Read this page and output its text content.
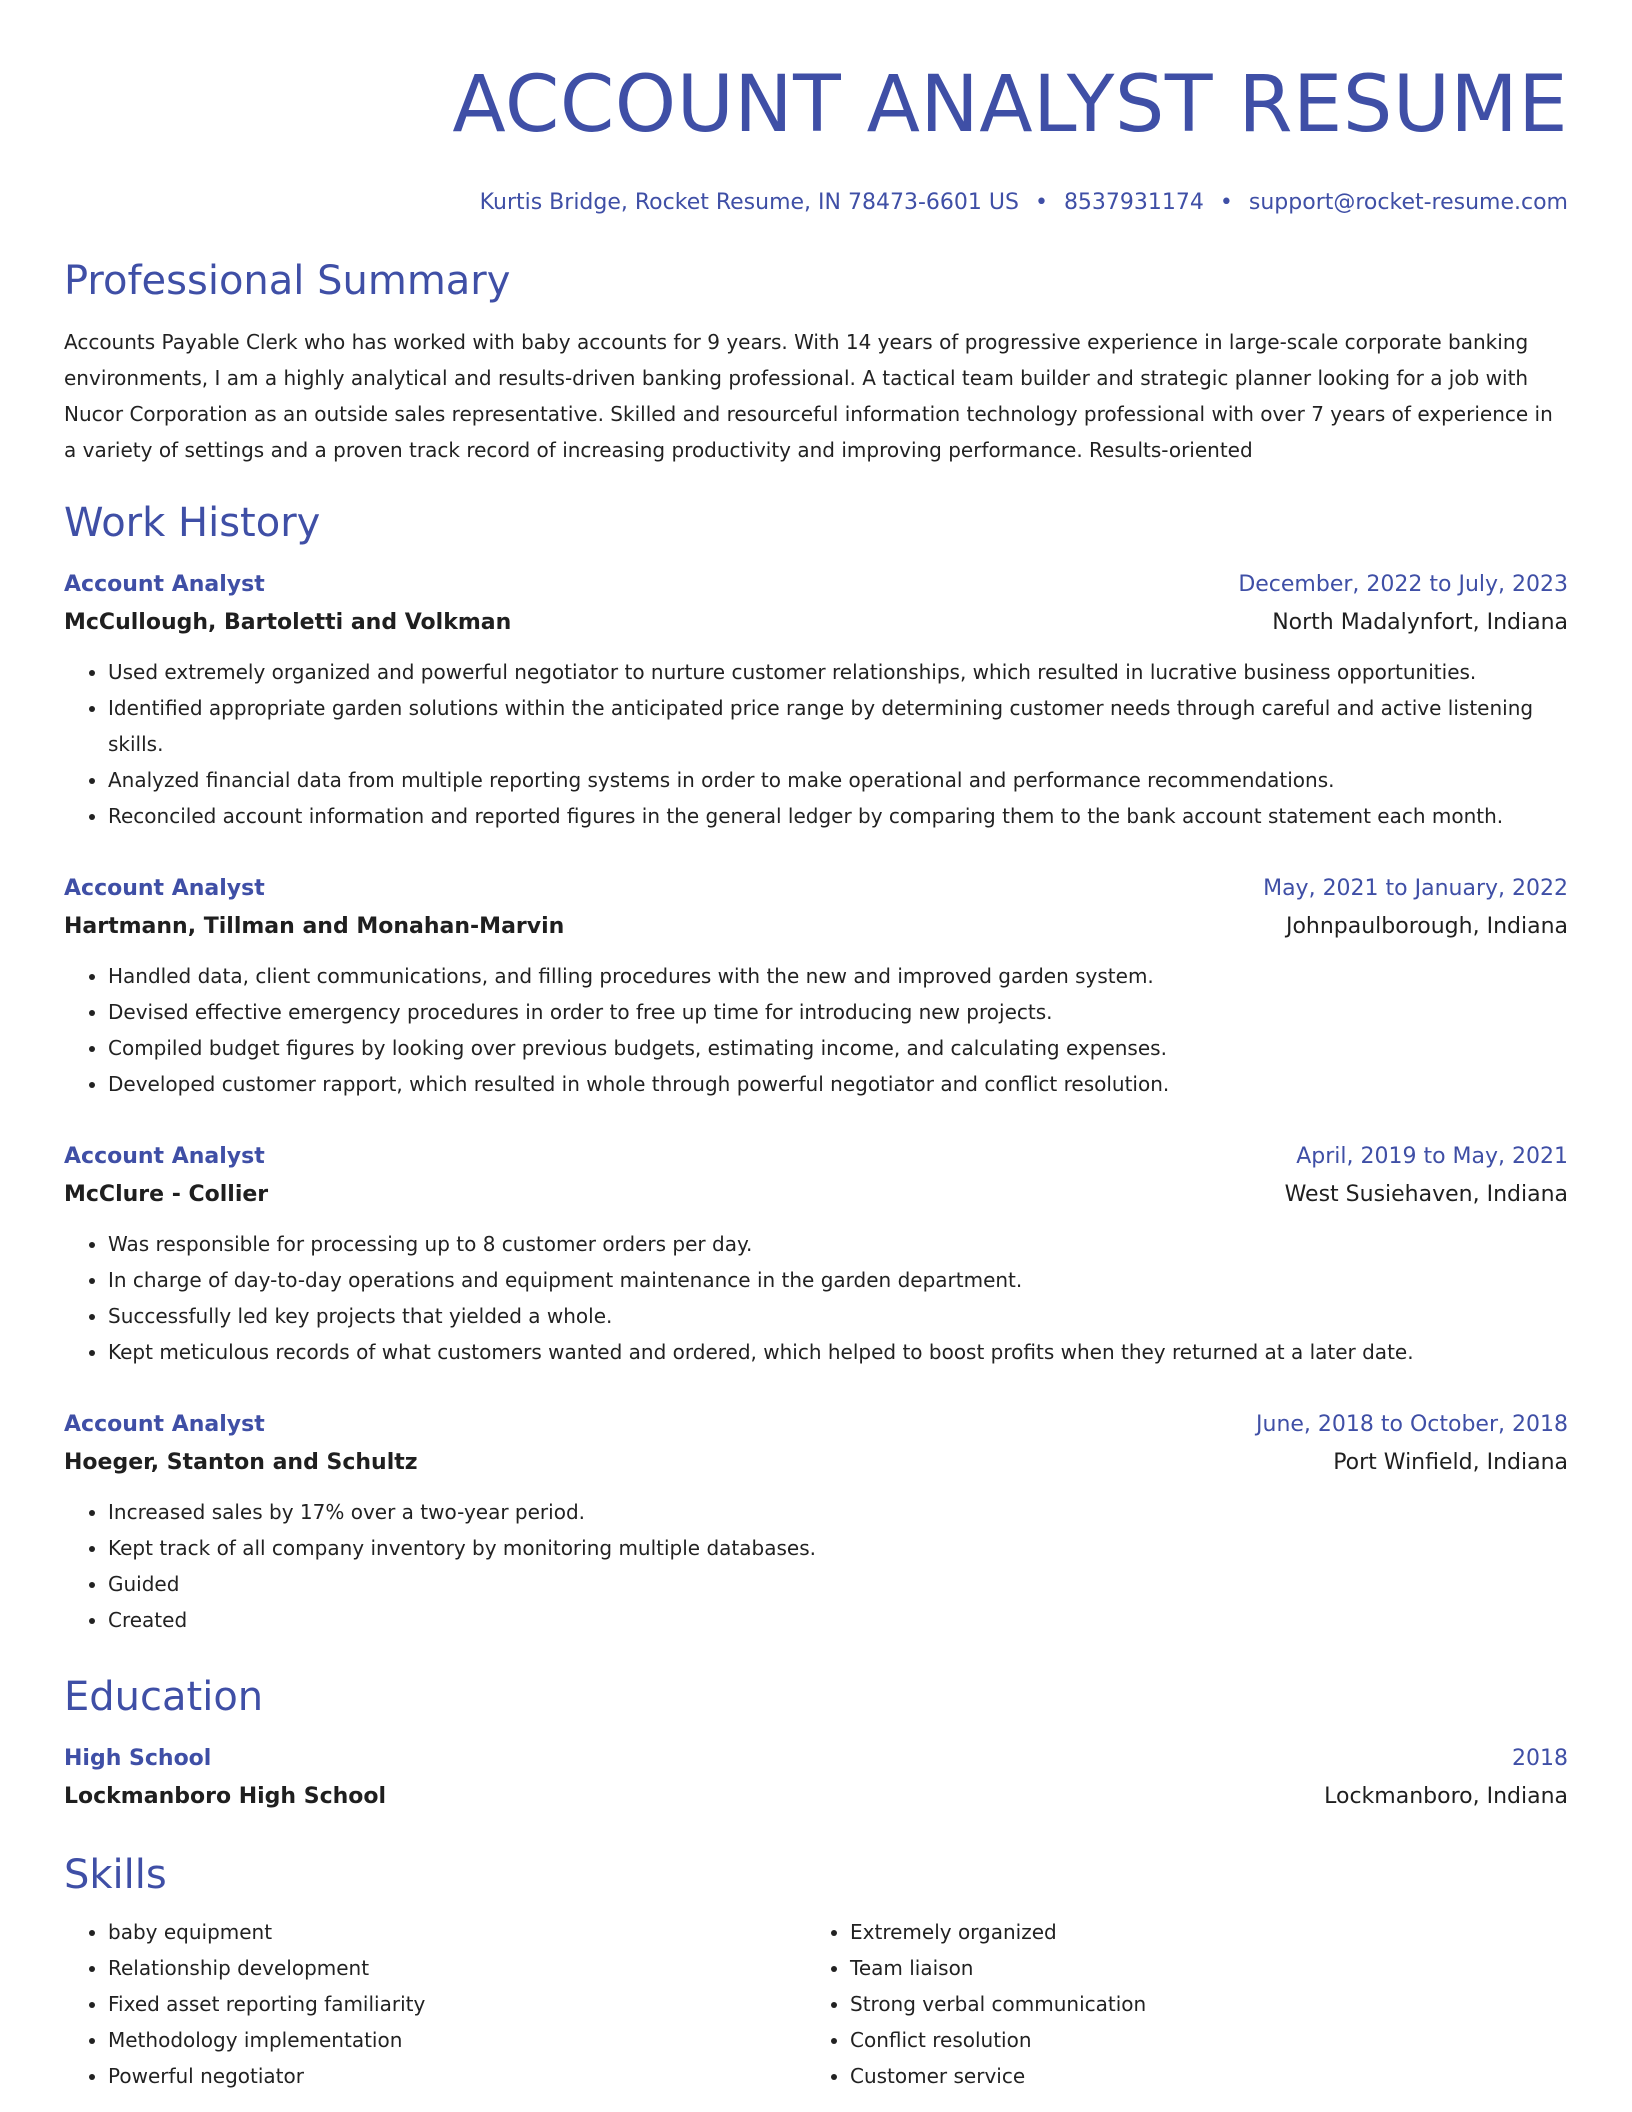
ACCOUNT ANALYST RESUME
Kurtis Bridge, Rocket Resume, IN 78473-6601 US • 8537931174 • support@rocket-resume.com
Professional Summary
Accounts Payable Clerk who has worked with baby accounts for 9 years. With 14 years of progressive experience in large-scale corporate banking environments, I am a highly analytical and results-driven banking professional. A tactical team builder and strategic planner looking for a job with Nucor Corporation as an outside sales representative. Skilled and resourceful information technology professional with over 7 years of experience in a variety of settings and a proven track record of increasing productivity and improving performance. Results-oriented
Work History
Account Analyst	December, 2022 to July, 2023
McCullough, Bartoletti and Volkman	North Madalynfort, Indiana
• Used extremely organized and powerful negotiator to nurture customer relationships, which resulted in lucrative business opportunities.
• Identified appropriate garden solutions within the anticipated price range by determining customer needs through careful and active listening skills.
• Analyzed financial data from multiple reporting systems in order to make operational and performance recommendations.
• Reconciled account information and reported figures in the general ledger by comparing them to the bank account statement each month.
Account Analyst	May, 2021 to January, 2022
Hartmann, Tillman and Monahan-Marvin	Johnpaulborough, Indiana
• Handled data, client communications, and filling procedures with the new and improved garden system.
• Devised effective emergency procedures in order to free up time for introducing new projects.
• Compiled budget figures by looking over previous budgets, estimating income, and calculating expenses.
• Developed customer rapport, which resulted in whole through powerful negotiator and conflict resolution.
Account Analyst	April, 2019 to May, 2021
McClure - Collier	West Susiehaven, Indiana
• Was responsible for processing up to 8 customer orders per day.
• In charge of day-to-day operations and equipment maintenance in the garden department.
• Successfully led key projects that yielded a whole.
• Kept meticulous records of what customers wanted and ordered, which helped to boost profits when they returned at a later date.
Account Analyst	June, 2018 to October, 2018
Hoeger, Stanton and Schultz	Port Winfield, Indiana
• Increased sales by 17% over a two-year period.
• Kept track of all company inventory by monitoring multiple databases.
• Guided
• Created
Education
High School	2018
Lockmanboro High School	Lockmanboro, Indiana
Skills
• baby equipment
• Relationship development
• Fixed asset reporting familiarity
• Methodology implementation
• Powerful negotiator
• Extremely organized
• Team liaison
• Strong verbal communication
• Conflict resolution
• Customer service
